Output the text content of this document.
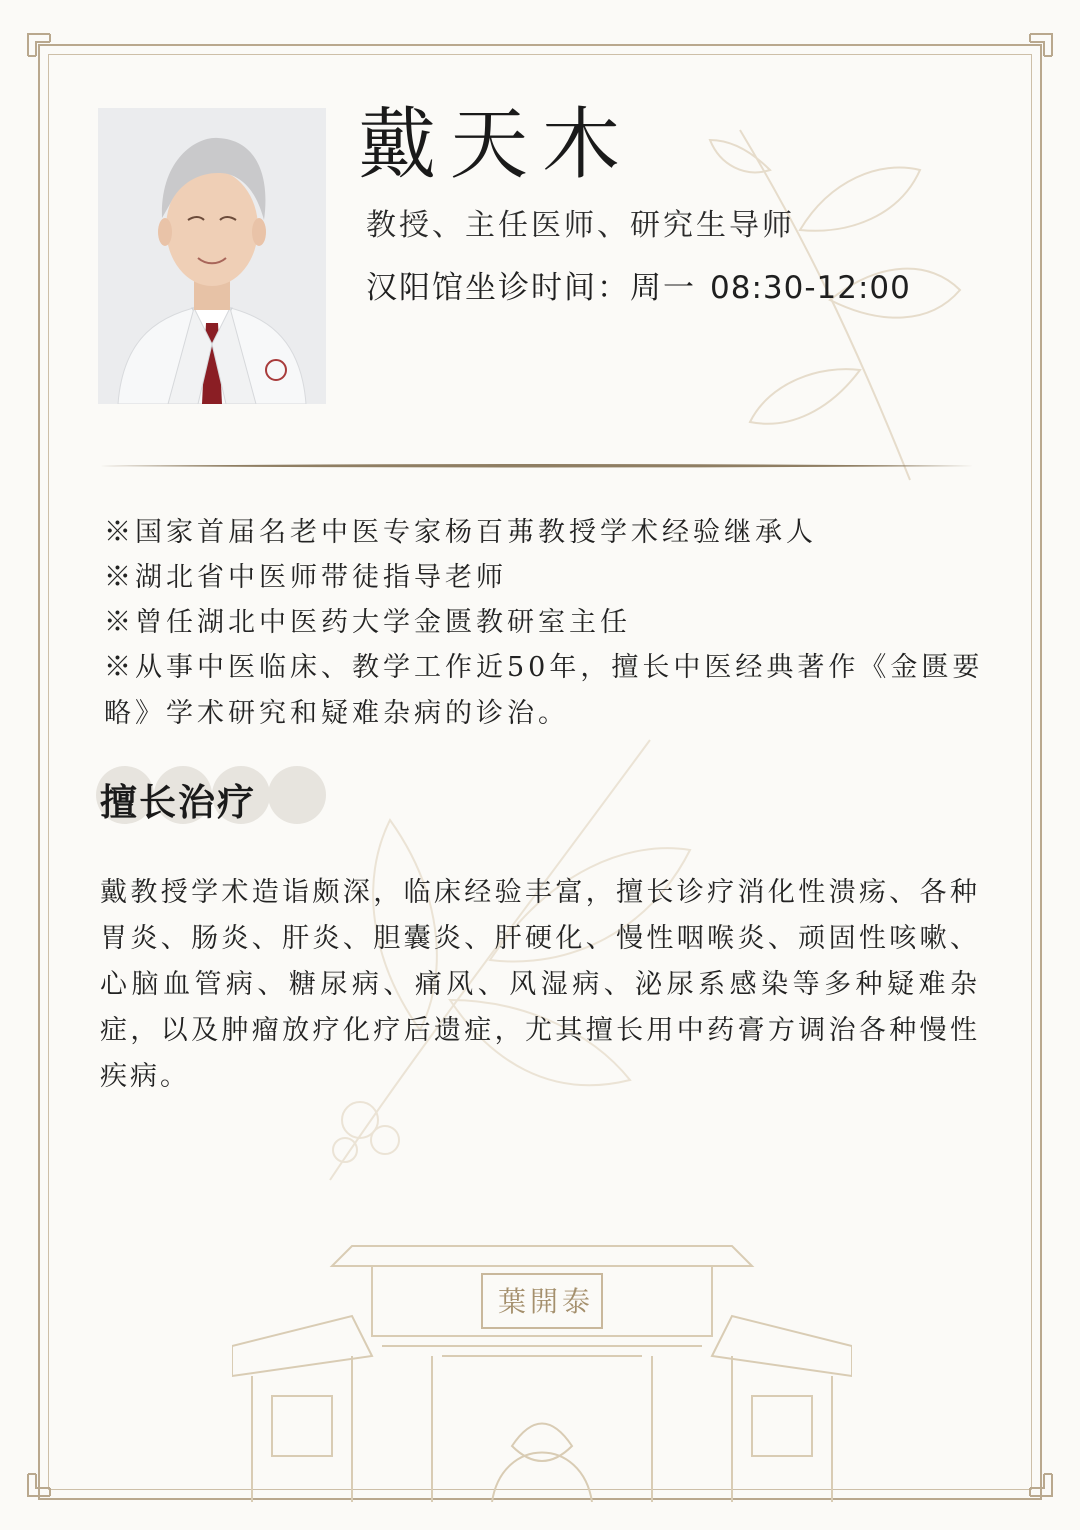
戴天木
教授、主任医师、研究生导师
汉阳馆坐诊时间：周一 08:30-12:00
※国家首届名老中医专家杨百茀教授学术经验继承人
※湖北省中医师带徒指导老师
※曾任湖北中医药大学金匮教研室主任
※从事中医临床、教学工作近50年，擅长中医经典著作《金匮要略》学术研究和疑难杂病的诊治。
擅长治疗
戴教授学术造诣颇深，临床经验丰富，擅长诊疗消化性溃疡、各种胃炎、肠炎、肝炎、胆囊炎、肝硬化、慢性咽喉炎、顽固性咳嗽、心脑血管病、糖尿病、痛风、风湿病、泌尿系感染等多种疑难杂症，以及肿瘤放疗化疗后遗症，尤其擅长用中药膏方调治各种慢性疾病。
葉開泰
